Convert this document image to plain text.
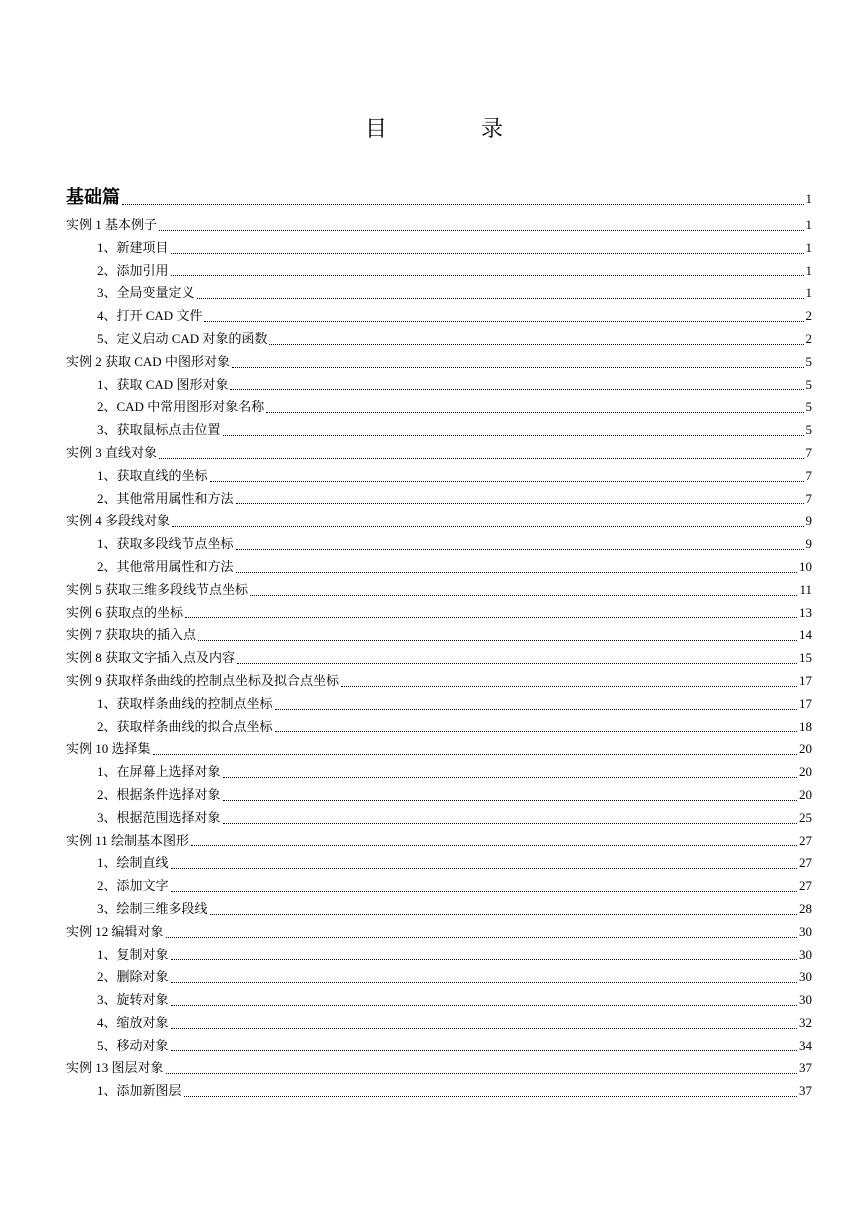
目　录
基础篇	1
实例 1 基本例子	1
1、新建项目	1
2、添加引用	1
3、全局变量定义	1
4、打开 CAD 文件	2
5、定义启动 CAD 对象的函数	2
实例 2 获取 CAD 中图形对象	5
1、获取 CAD 图形对象	5
2、CAD 中常用图形对象名称	5
3、获取鼠标点击位置	5
实例 3 直线对象	7
1、获取直线的坐标	7
2、其他常用属性和方法	7
实例 4 多段线对象	9
1、获取多段线节点坐标	9
2、其他常用属性和方法	10
实例 5 获取三维多段线节点坐标	11
实例 6 获取点的坐标	13
实例 7 获取块的插入点	14
实例 8 获取文字插入点及内容	15
实例 9 获取样条曲线的控制点坐标及拟合点坐标	17
1、获取样条曲线的控制点坐标	17
2、获取样条曲线的拟合点坐标	18
实例 10 选择集	20
1、在屏幕上选择对象	20
2、根据条件选择对象	20
3、根据范围选择对象	25
实例 11 绘制基本图形	27
1、绘制直线	27
2、添加文字	27
3、绘制三维多段线	28
实例 12 编辑对象	30
1、复制对象	30
2、删除对象	30
3、旋转对象	30
4、缩放对象	32
5、移动对象	34
实例 13 图层对象	37
1、添加新图层	37
